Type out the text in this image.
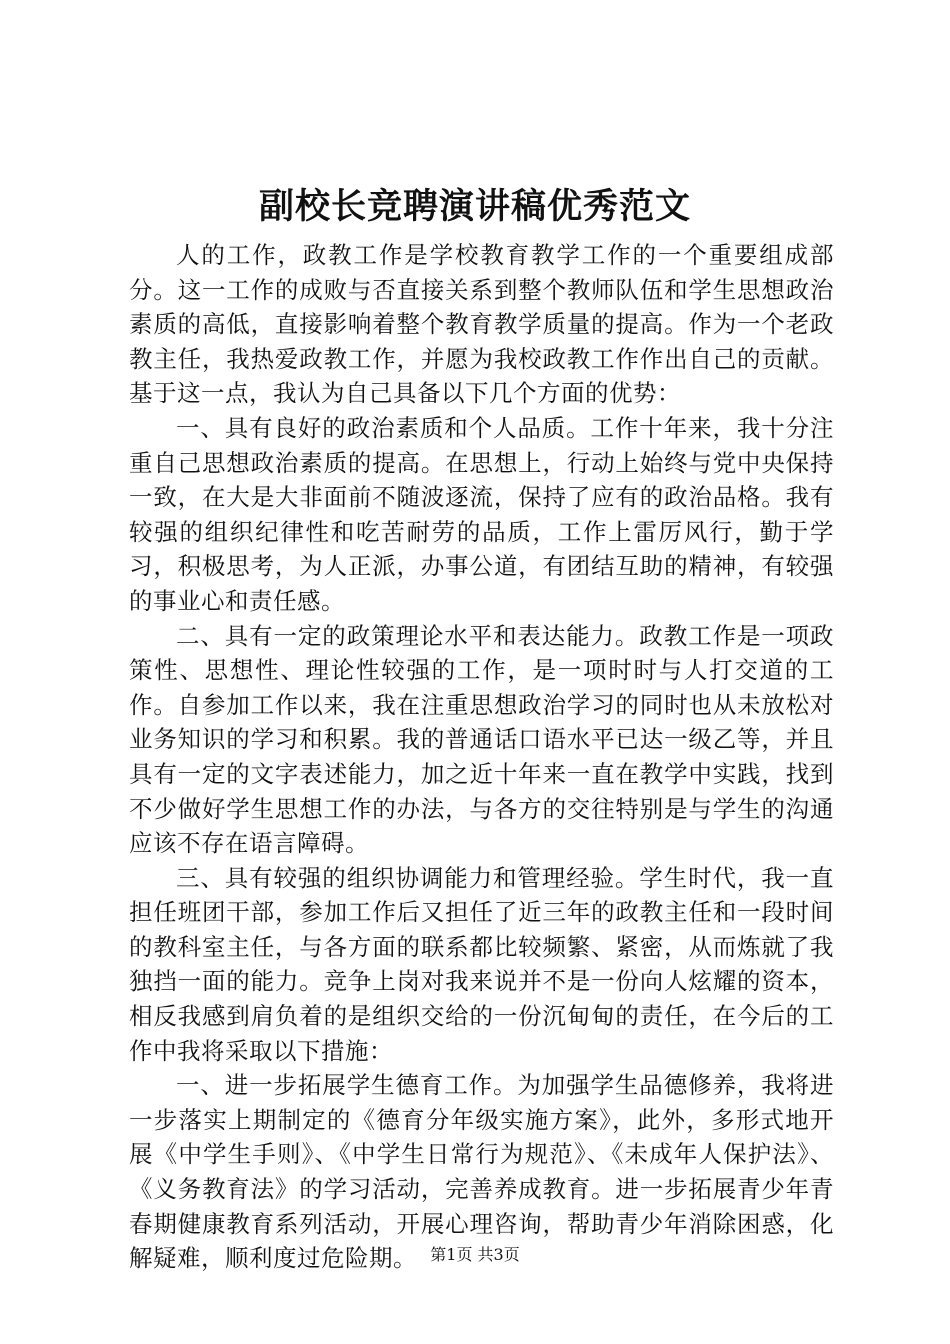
副校长竞聘演讲稿优秀范文

人的工作，政教工作是学校教育教学工作的一个重要组成部分。这一工作的成败与否直接关系到整个教师队伍和学生思想政治素质的高低，直接影响着整个教育教学质量的提高。作为一个老政教主任，我热爱政教工作，并愿为我校政教工作作出自己的贡献。基于这一点，我认为自己具备以下几个方面的优势：

一、具有良好的政治素质和个人品质。工作十年来，我十分注重自己思想政治素质的提高。在思想上，行动上始终与党中央保持一致，在大是大非面前不随波逐流，保持了应有的政治品格。我有较强的组织纪律性和吃苦耐劳的品质，工作上雷厉风行，勤于学习，积极思考，为人正派，办事公道，有团结互助的精神，有较强的事业心和责任感。

二、具有一定的政策理论水平和表达能力。政教工作是一项政策性、思想性、理论性较强的工作，是一项时时与人打交道的工作。自参加工作以来，我在注重思想政治学习的同时也从未放松对业务知识的学习和积累。我的普通话口语水平已达一级乙等，并且具有一定的文字表述能力，加之近十年来一直在教学中实践，找到不少做好学生思想工作的办法，与各方的交往特别是与学生的沟通应该不存在语言障碍。

三、具有较强的组织协调能力和管理经验。学生时代，我一直担任班团干部，参加工作后又担任了近三年的政教主任和一段时间的教科室主任，与各方面的联系都比较频繁、紧密，从而炼就了我独挡一面的能力。竞争上岗对我来说并不是一份向人炫耀的资本，相反我感到肩负着的是组织交给的一份沉甸甸的责任，在今后的工作中我将采取以下措施：

一、进一步拓展学生德育工作。为加强学生品德修养，我将进一步落实上期制定的《德育分年级实施方案》，此外，多形式地开展《中学生手则》、《中学生日常行为规范》、《未成年人保护法》、《义务教育法》的学习活动，完善养成教育。进一步拓展青少年青春期健康教育系列活动，开展心理咨询，帮助青少年消除困惑，化解疑难，顺利度过危险期。 第1页 共3页
